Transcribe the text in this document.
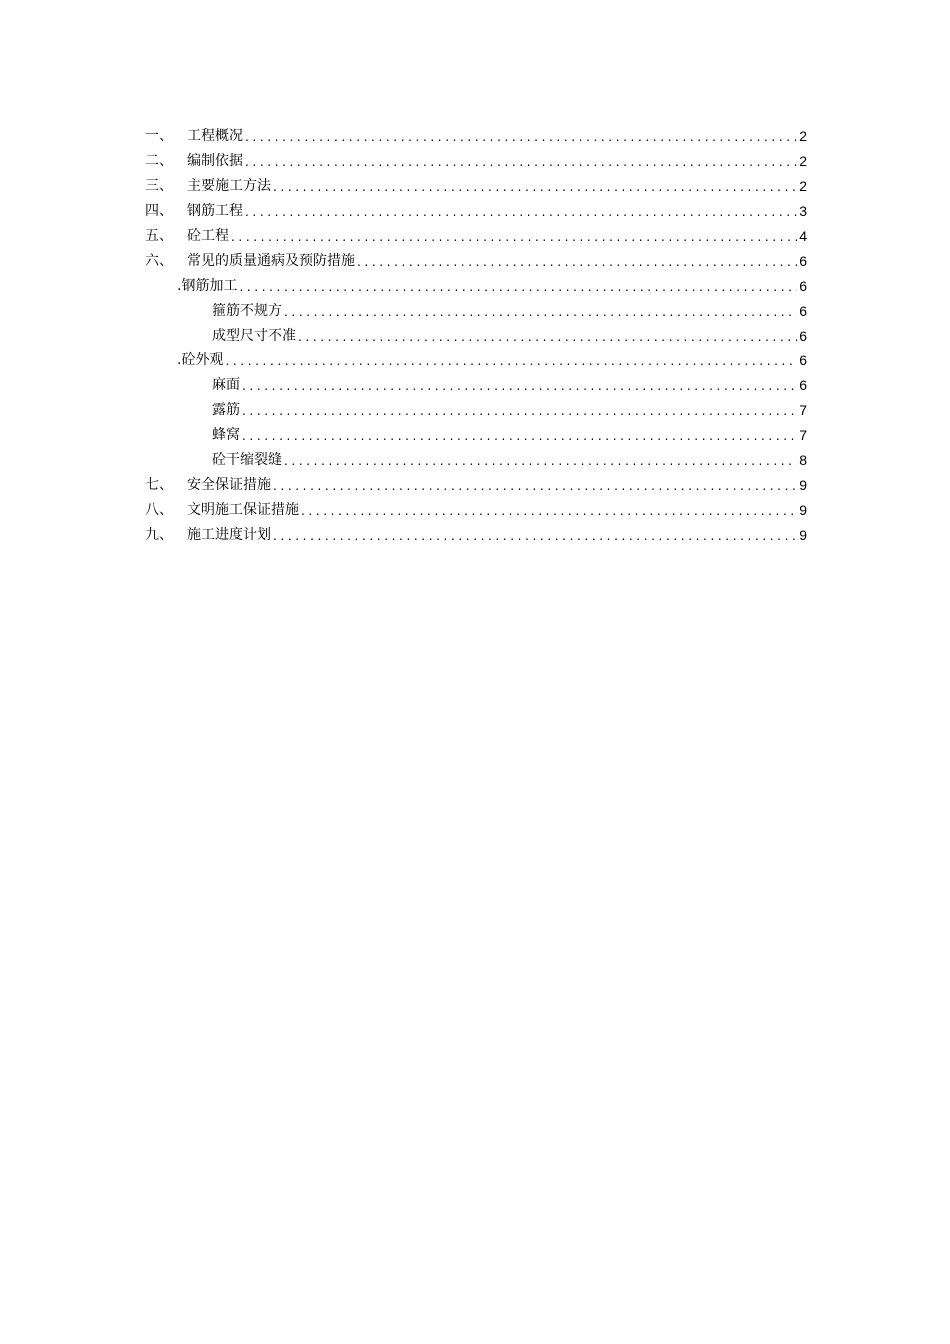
一、	工程概况 .....	2
二、	编制依据 .....	2
三、	主要施工方法 .....	2
四、	钢筋工程 .....	3
五、	砼工程 .....	4
六、	常见的质量通病及预防措施 .....	6
. 钢筋加工 .....	6
箍筋不规方 .....	6
成型尺寸不准 .....	6
. 砼外观 .....	6
麻面 .....	6
露筋 .....	7
蜂窝 .....	7
砼干缩裂缝 .....	8
七、	安全保证措施 .....	9
八、	文明施工保证措施 .....	9
九、	施工进度计划 .....	9
